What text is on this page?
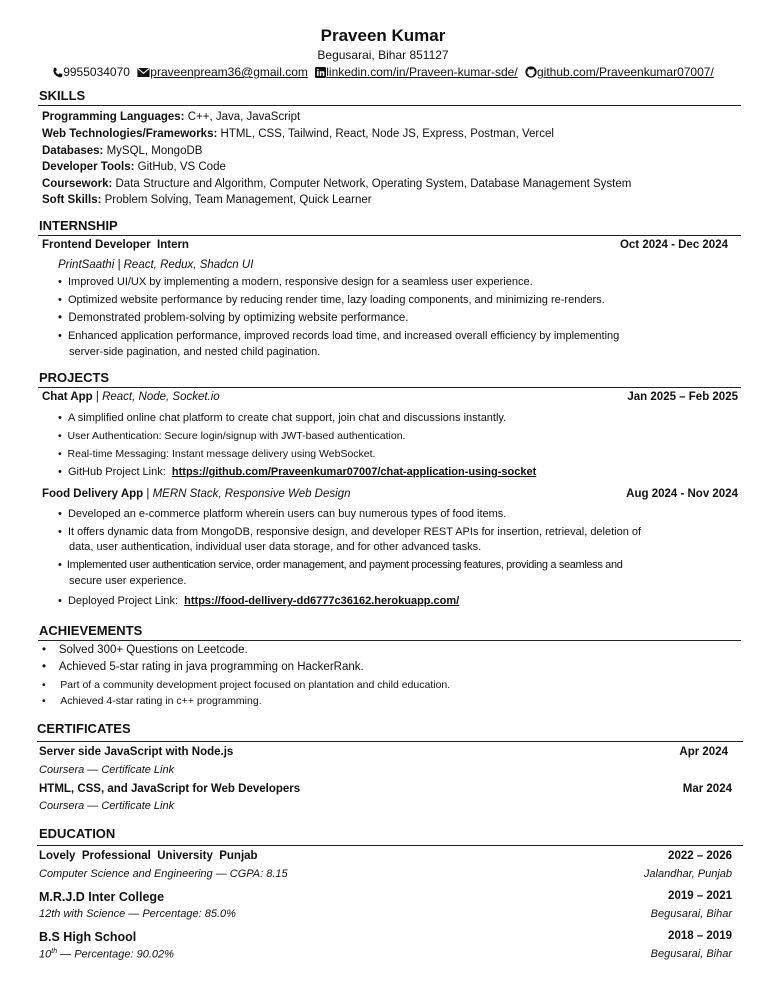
Praveen Kumar
Begusarai, Bihar 851127
9955034070 praveenpream36@gmail.com linkedin.com/in/Praveen-kumar-sde/ github.com/Praveenkumar07007/
SKILLS
Programming Languages: C++, Java, JavaScript
Web Technologies/Frameworks: HTML, CSS, Tailwind, React, Node JS, Express, Postman, Vercel
Databases: MySQL, MongoDB
Developer Tools: GitHub, VS Code
Coursework: Data Structure and Algorithm, Computer Network, Operating System, Database Management System
Soft Skills: Problem Solving, Team Management, Quick Learner
INTERNSHIP
Frontend Developer  Intern	Oct 2024 - Dec 2024
PrintSaathi | React, Redux, Shadcn UI
•  Improved UI/UX by implementing a modern, responsive design for a seamless user experience.
•  Optimized website performance by reducing render time, lazy loading components, and minimizing re-renders.
•  Demonstrated problem-solving by optimizing website performance.
•  Enhanced application performance, improved records load time, and increased overall efficiency by implementing
server-side pagination, and nested child pagination.
PROJECTS
Chat App | React, Node, Socket.io	Jan 2025 – Feb 2025
•  A simplified online chat platform to create chat support, join chat and discussions instantly.
•  User Authentication: Secure login/signup with JWT-based authentication.
•  Real-time Messaging: Instant message delivery using WebSocket.
•  GitHub Project Link: https://github.com/Praveenkumar07007/chat-application-using-socket
Food Delivery App | MERN Stack, Responsive Web Design	Aug 2024 - Nov 2024
•  Developed an e-commerce platform wherein users can buy numerous types of food items.
•  It offers dynamic data from MongoDB, responsive design, and developer REST APIs for insertion, retrieval, deletion of
data, user authentication, individual user data storage, and for other advanced tasks.
•  Implemented user authentication service, order management, and payment processing features, providing a seamless and
secure user experience.
•  Deployed Project Link: https://food-dellivery-dd6777c36162.herokuapp.com/
ACHIEVEMENTS
•    Solved 300+ Questions on Leetcode.
•    Achieved 5-star rating in java programming on HackerRank.
•     Part of a community development project focused on plantation and child education.
•     Achieved 4-star rating in c++ programming.
CERTIFICATES
Server side JavaScript with Node.js	Apr 2024
Coursera — Certificate Link
HTML, CSS, and JavaScript for Web Developers	Mar 2024
Coursera — Certificate Link
EDUCATION
Lovely  Professional  University  Punjab	2022 – 2026
Computer Science and Engineering — CGPA: 8.15	Jalandhar, Punjab
M.R.J.D Inter College	2019 – 2021
12th with Science — Percentage: 85.0%	Begusarai, Bihar
B.S High School	2018 – 2019
10th — Percentage: 90.02%	Begusarai, Bihar
